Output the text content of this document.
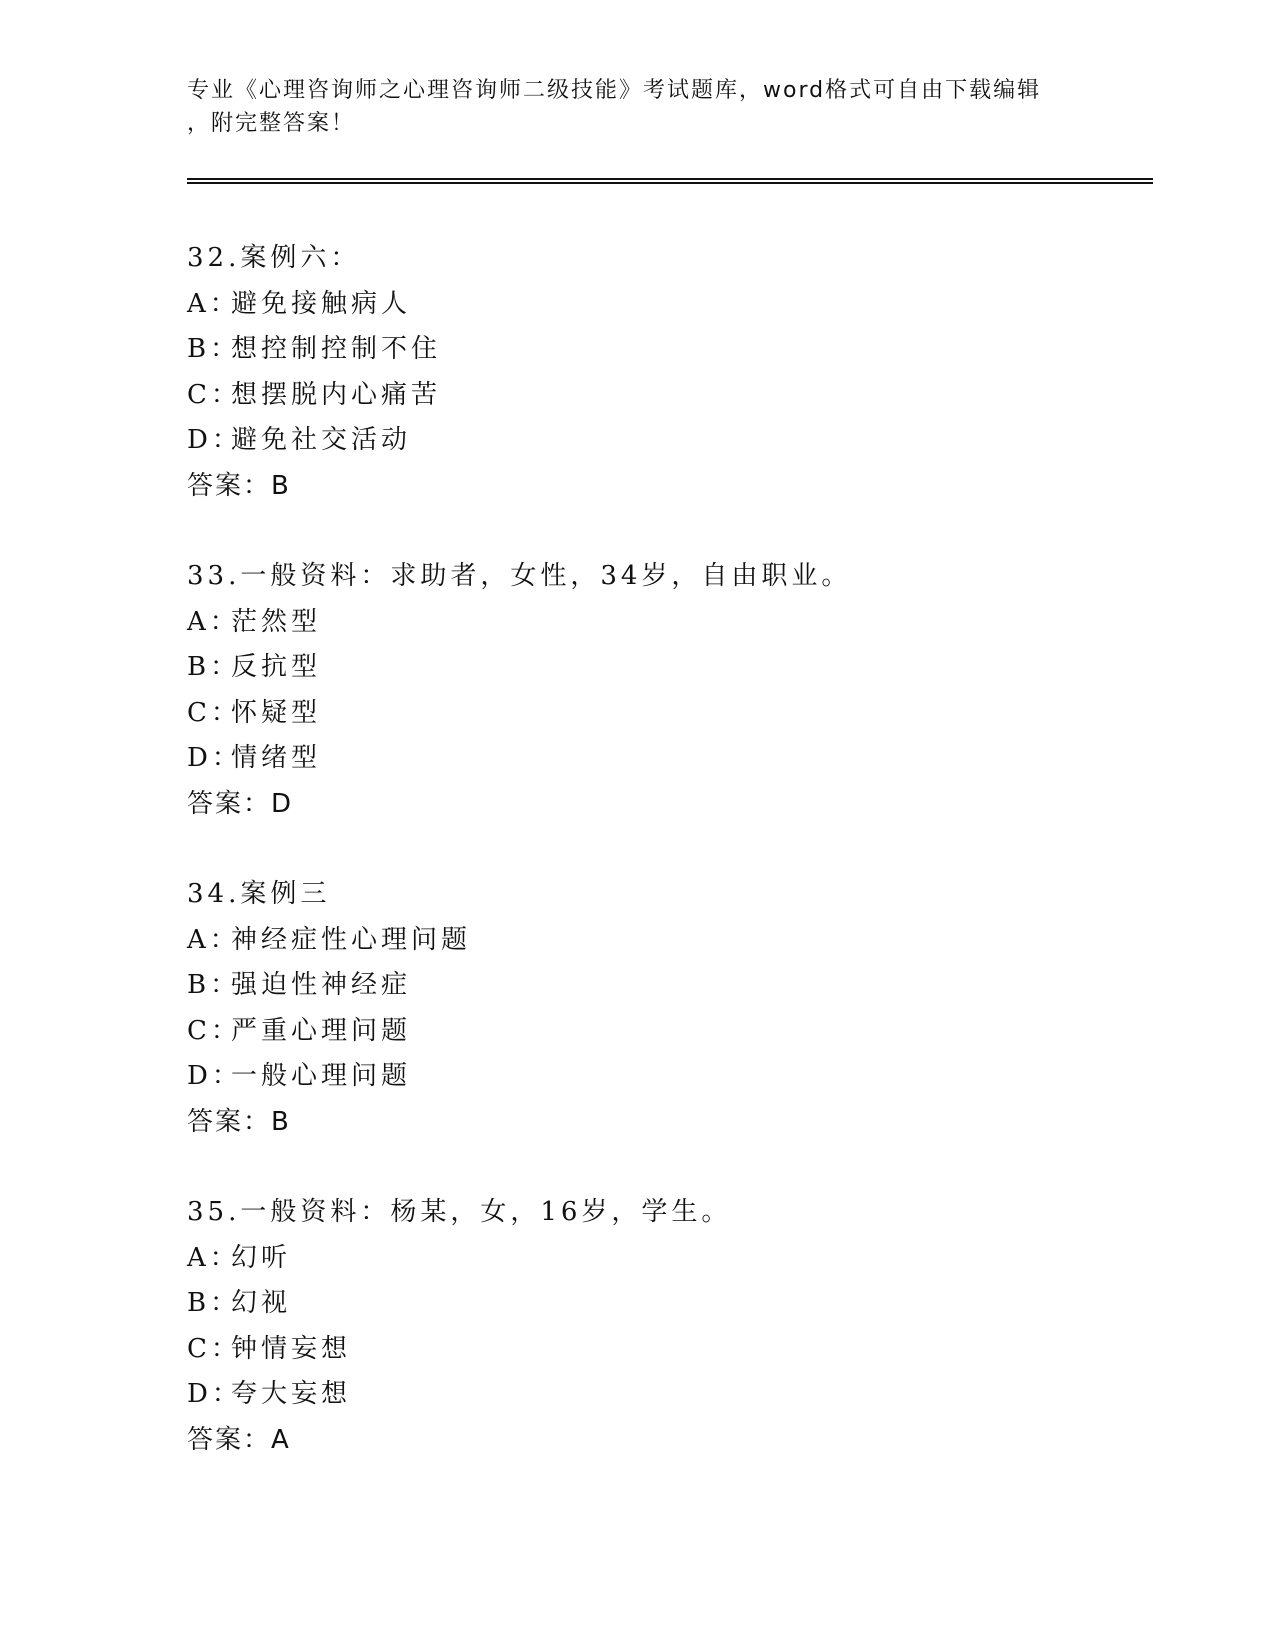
专业《心理咨询师之心理咨询师二级技能》考试题库，word格式可自由下载编辑
，附完整答案！
32.案例六：
A：避免接触病人
B：想控制控制不住
C：想摆脱内心痛苦
D：避免社交活动
答案：B
33.一般资料：求助者，女性，34岁，自由职业。
A：茫然型
B：反抗型
C：怀疑型
D：情绪型
答案：D
34.案例三
A：神经症性心理问题
B：强迫性神经症
C：严重心理问题
D：一般心理问题
答案：B
35.一般资料：杨某，女，16岁，学生。
A：幻听
B：幻视
C：钟情妄想
D：夸大妄想
答案：A
